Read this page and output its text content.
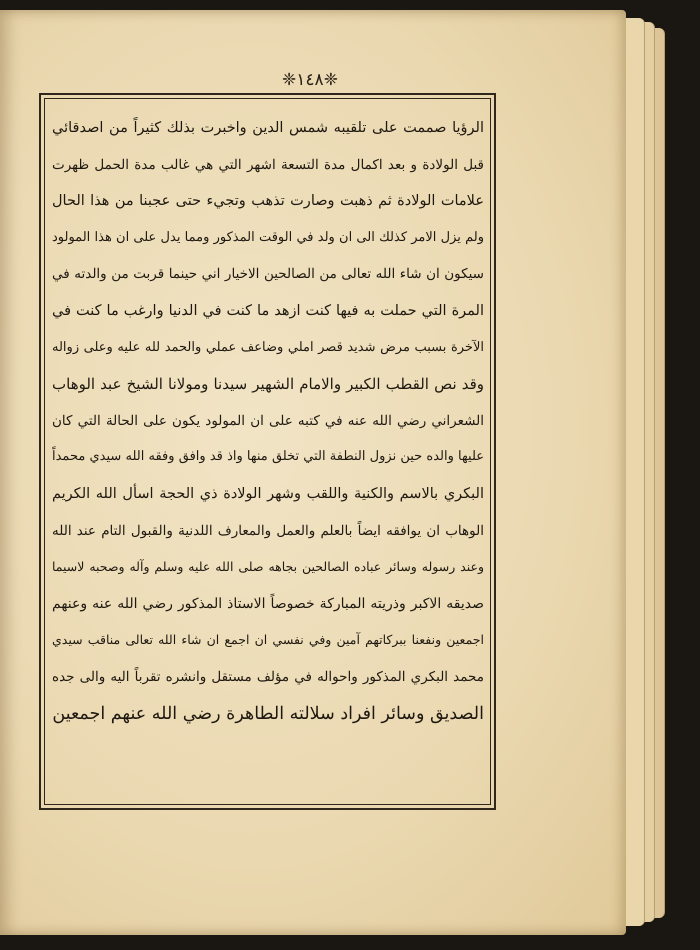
❈۱٤٨❈
الرؤيا صممت على تلقيبه شمس الدين واخبرت بذلك كثيراً من اصدقائي
قبل الولادة و بعد اكمال مدة التسعة اشهر التي هي غالب مدة الحمل ظهرت
علامات الولادة ثم ذهبت وصارت تذهب وتجيء حتى عجبنا من هذا الحال
ولم يزل الامر كذلك الى ان ولد في الوقت المذكور ومما يدل على ان هذا المولود
سيكون ان شاء الله تعالى من الصالحين الاخيار اني حينما قربت من والدته في
المرة التي حملت به فيها كنت ازهد ما كنت في الدنيا وارغب ما كنت في
الآخرة بسبب مرض شديد قصر املي وضاعف عملي والحمد لله عليه وعلى زواله
وقد نص القطب الكبير والامام الشهير سيدنا ومولانا الشيخ عبد الوهاب
الشعراني رضي الله عنه في كتبه على ان المولود يكون على الحالة التي كان
عليها والده حين نزول النطفة التي تخلق منها واذ قد وافق وفقه الله سيدي محمداً
البكري بالاسم والكنية واللقب وشهر الولادة ذي الحجة اسأل الله الكريم
الوهاب ان يوافقه ايضاً بالعلم والعمل والمعارف اللدنية والقبول التام عند الله
وعند رسوله وسائر عباده الصالحين بجاهه صلى الله عليه وسلم وآله وصحبه لاسيما
صديقه الاكبر وذريته المباركة خصوصاً الاستاذ المذكور رضي الله عنه وعنهم
اجمعين ونفعنا ببركاتهم آمين وفي نفسي ان اجمع ان شاء الله تعالى مناقب سيدي
محمد البكري المذكور واحواله في مؤلف مستقل وانشره تقرباً اليه والى جده
الصديق وسائر افراد سلالته الطاهرة رضي الله عنهم اجمعين
